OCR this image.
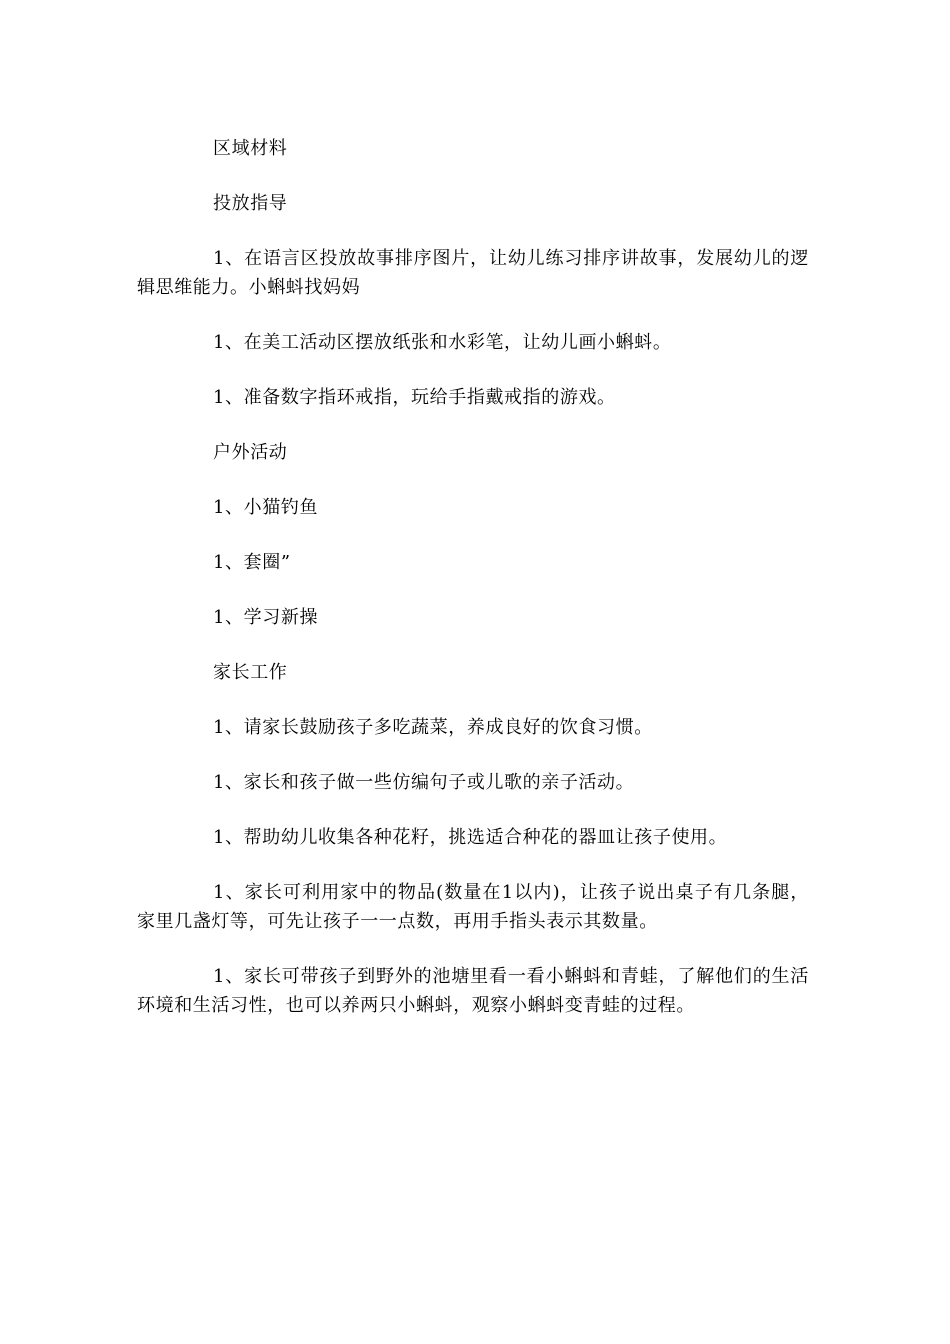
区域材料

投放指导

1、在语言区投放故事排序图片，让幼儿练习排序讲故事，发展幼儿的逻辑思维能力。小蝌蚪找妈妈

1、在美工活动区摆放纸张和水彩笔，让幼儿画小蝌蚪。

1、准备数字指环戒指，玩给手指戴戒指的游戏。

户外活动

1、小猫钓鱼

1、套圈”

1、学习新操

家长工作

1、请家长鼓励孩子多吃蔬菜，养成良好的饮食习惯。

1、家长和孩子做一些仿编句子或儿歌的亲子活动。

1、帮助幼儿收集各种花籽，挑选适合种花的器皿让孩子使用。

1、家长可利用家中的物品(数量在1以内)，让孩子说出桌子有几条腿，家里几盏灯等，可先让孩子一一点数，再用手指头表示其数量。

1、家长可带孩子到野外的池塘里看一看小蝌蚪和青蛙，了解他们的生活环境和生活习性，也可以养两只小蝌蚪，观察小蝌蚪变青蛙的过程。
